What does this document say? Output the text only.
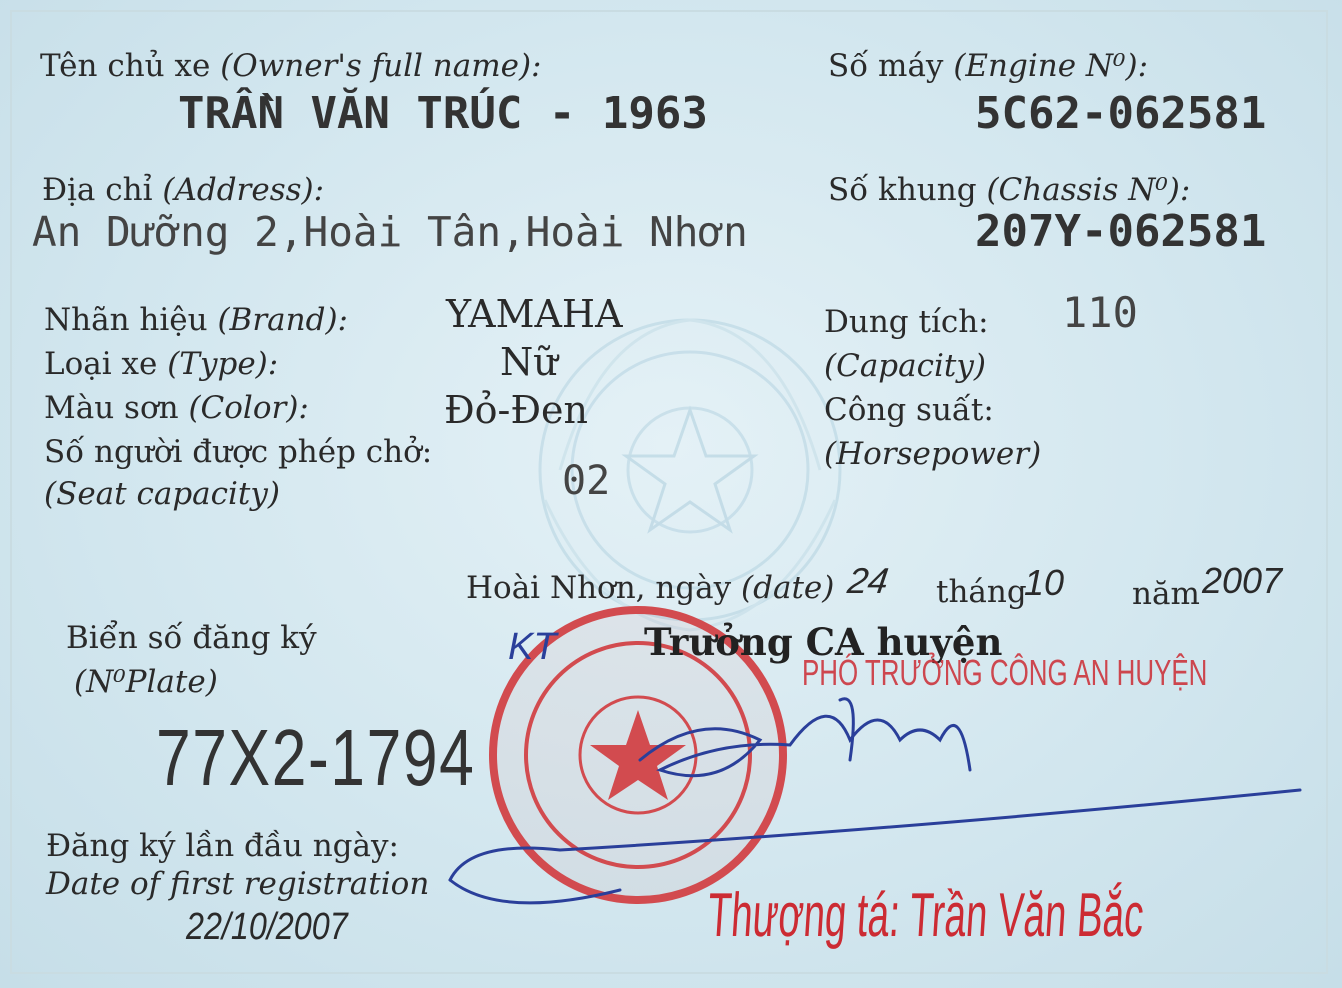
Tên chủ xe (Owner's full name):
TRẦN VĂN TRÚC - 1963
Số máy (Engine N⁰):
5C62-062581
Địa chỉ (Address):
An Dưỡng 2,Hoài Tân,Hoài Nhơn
Số khung (Chassis N⁰):
207Y-062581
Nhãn hiệu (Brand):	YAMAHA
Loại xe (Type):	Nữ
Màu sơn (Color):	Đỏ-Đen
Số người được phép chở:
(Seat capacity)	02
Dung tích: 110
(Capacity)
Công suất:
(Horsepower)
Hoài Nhơn, ngày (date) 24 tháng
10 năm 2007
Biển số đăng ký
(N⁰Plate)
77X2-1794
Đăng ký lần đầu ngày:
Date of first registration
22/10/2007
KT Trưởng CA huyện
PHÓ TRƯỞNG CÔNG AN HUYỆN
Thượng tá: Trần Văn Bắc
